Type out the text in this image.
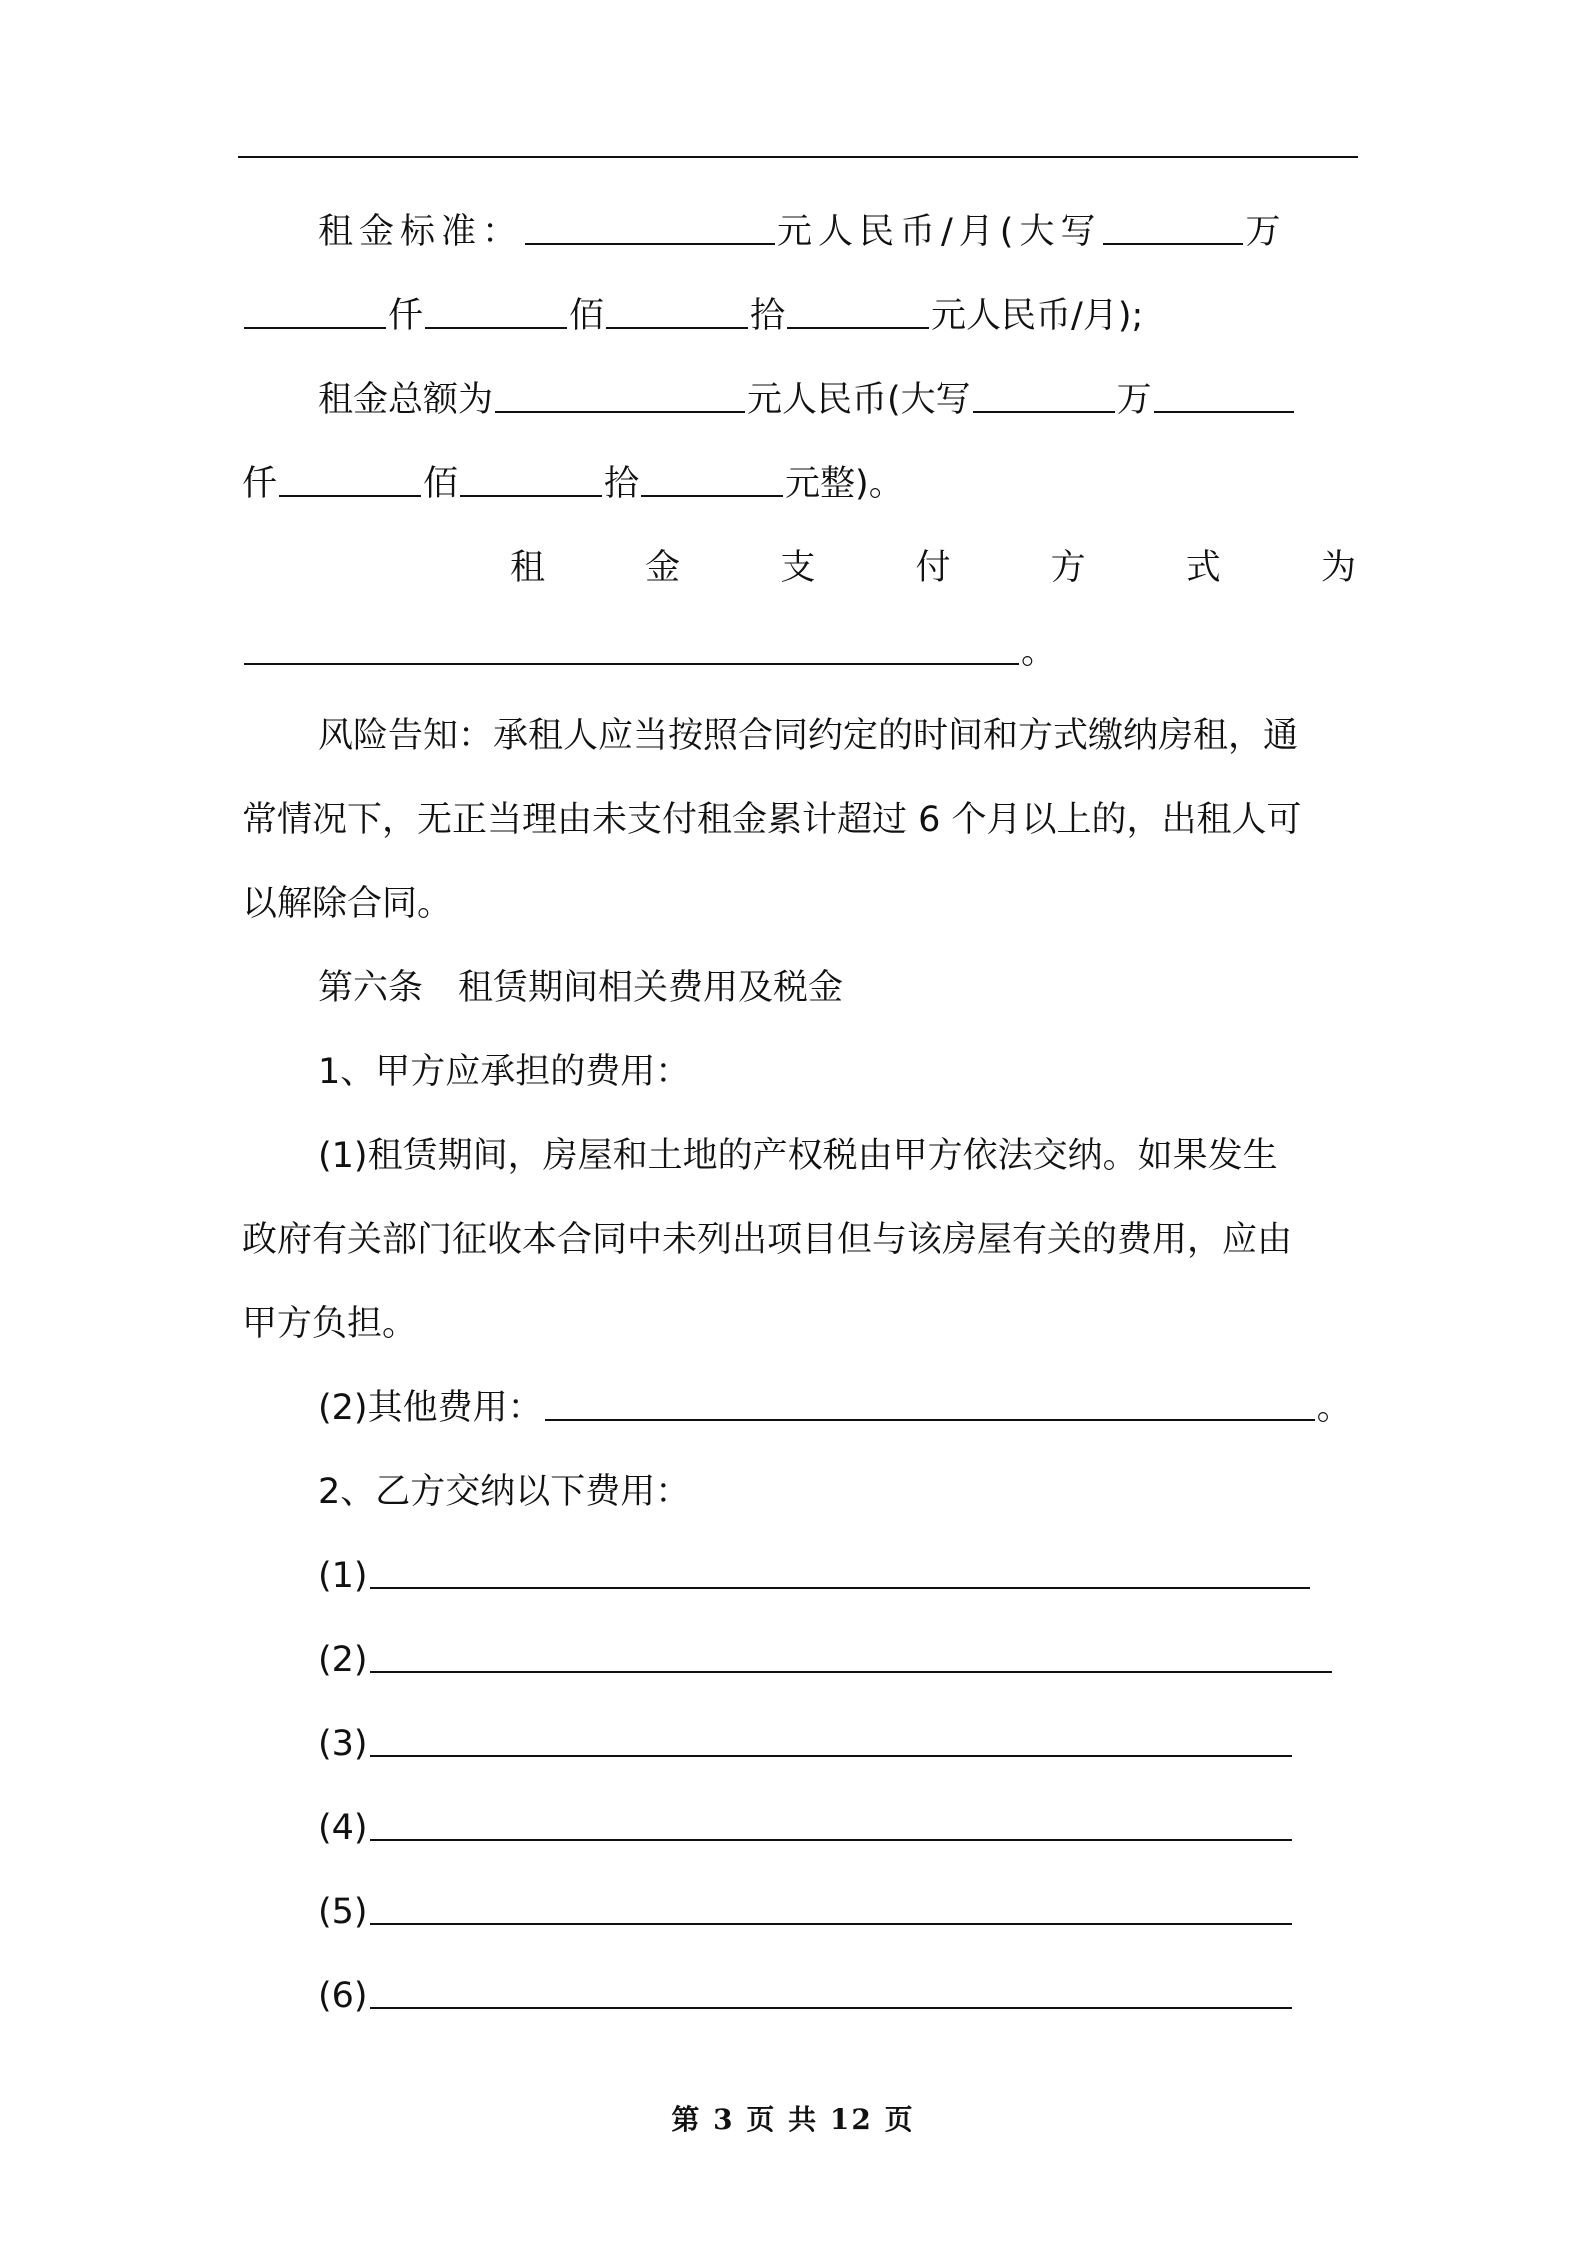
租金标准：	元人民币/月(大写	万
仟	佰	拾	元人民币/月);
租金总额为	元人民币(大写	万
仟	佰	拾	元整)。
租	金	支	付	方	式	为
。
风险告知：承租人应当按照合同约定的时间和方式缴纳房租，通
常情况下，无正当理由未支付租金累计超过 6 个月以上的，出租人可
以解除合同。
第六条　租赁期间相关费用及税金
1、甲方应承担的费用：
(1)租赁期间，房屋和土地的产权税由甲方依法交纳。如果发生
政府有关部门征收本合同中未列出项目但与该房屋有关的费用，应由
甲方负担。
(2)其他费用：	。
2、乙方交纳以下费用：
(1)
(2)
(3)
(4)
(5)
(6)
第 3 页 共 12 页
